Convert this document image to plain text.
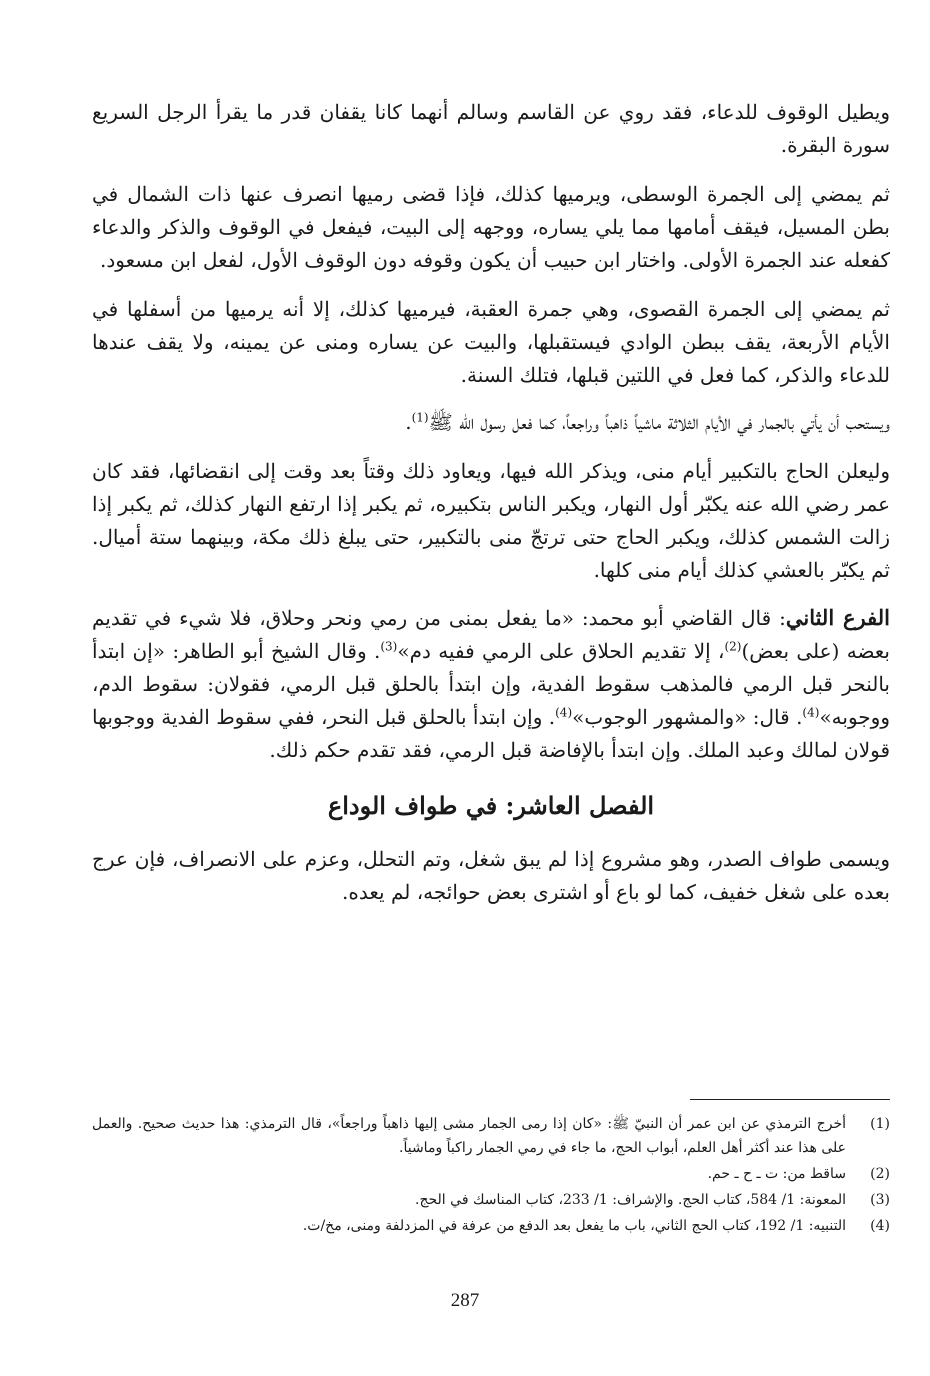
ويطيل الوقوف للدعاء، فقد روي عن القاسم وسالم أنهما كانا يقفان قدر ما يقرأ الرجل السريع سورة البقرة.

ثم يمضي إلى الجمرة الوسطى، ويرميها كذلك، فإذا قضى رميها انصرف عنها ذات الشمال في بطن المسيل، فيقف أمامها مما يلي يساره، ووجهه إلى البيت، فيفعل في الوقوف والذكر والدعاء كفعله عند الجمرة الأولى. واختار ابن حبيب أن يكون وقوفه دون الوقوف الأول، لفعل ابن مسعود.

ثم يمضي إلى الجمرة القصوى، وهي جمرة العقبة، فيرميها كذلك، إلا أنه يرميها من أسفلها في الأيام الأربعة، يقف ببطن الوادي فيستقبلها، والبيت عن يساره ومنى عن يمينه، ولا يقف عندها للدعاء والذكر، كما فعل في اللتين قبلها، فتلك السنة.

ويستحب أن يأتي بالجمار في الأيام الثلاثة ماشياً ذاهباً وراجعاً، كما فعل رسول الله ﷺ$^{(1)}$.

وليعلن الحاج بالتكبير أيام منى، ويذكر الله فيها، ويعاود ذلك وقتاً بعد وقت إلى انقضائها، فقد كان عمر رضي الله عنه يكبّر أول النهار، ويكبر الناس بتكبيره، ثم يكبر إذا ارتفع النهار كذلك، ثم يكبر إذا زالت الشمس كذلك، ويكبر الحاج حتى ترتجّ منى بالتكبير، حتى يبلغ ذلك مكة، وبينهما ستة أميال. ثم يكبّر بالعشي كذلك أيام منى كلها.

الفرع الثاني: قال القاضي أبو محمد: «ما يفعل بمنى من رمي ونحر وحلاق، فلا شيء في تقديم بعضه (على بعض)$^{(2)}$، إلا تقديم الحلاق على الرمي ففيه دم»$^{(3)}$. وقال الشيخ أبو الطاهر: «إن ابتدأ بالنحر قبل الرمي فالمذهب سقوط الفدية، وإن ابتدأ بالحلق قبل الرمي، فقولان: سقوط الدم، ووجوبه»$^{(4)}$. قال: «والمشهور الوجوب»$^{(4)}$. وإن ابتدأ بالحلق قبل النحر، ففي سقوط الفدية ووجوبها قولان لمالك وعبد الملك. وإن ابتدأ بالإفاضة قبل الرمي، فقد تقدم حكم ذلك.

الفصل العاشر: في طواف الوداع

ويسمى طواف الصدر، وهو مشروع إذا لم يبق شغل، وتم التحلل، وعزم على الانصراف، فإن عرج بعده على شغل خفيف، كما لو باع أو اشترى بعض حوائجه، لم يعده.

(1)
أخرج الترمذي عن ابن عمر أن النبيّ ﷺ: «كان إذا رمى الجمار مشى إليها ذاهباً وراجعاً»، قال الترمذي: هذا حديث صحيح. والعمل على هذا عند أكثر أهل العلم، أبواب الحج، ما جاء في رمي الجمار راكباً وماشياً.
(2)
ساقط من: ت ـ ح ـ حم.
(3)
المعونة: 1/ 584، كتاب الحج. والإشراف: 1/ 233، كتاب المناسك في الحج.
(4)
التنبيه: 1/ 192، كتاب الحج الثاني، باب ما يفعل بعد الدفع من عرفة في المزدلفة ومنى، مخ/ت.
287
